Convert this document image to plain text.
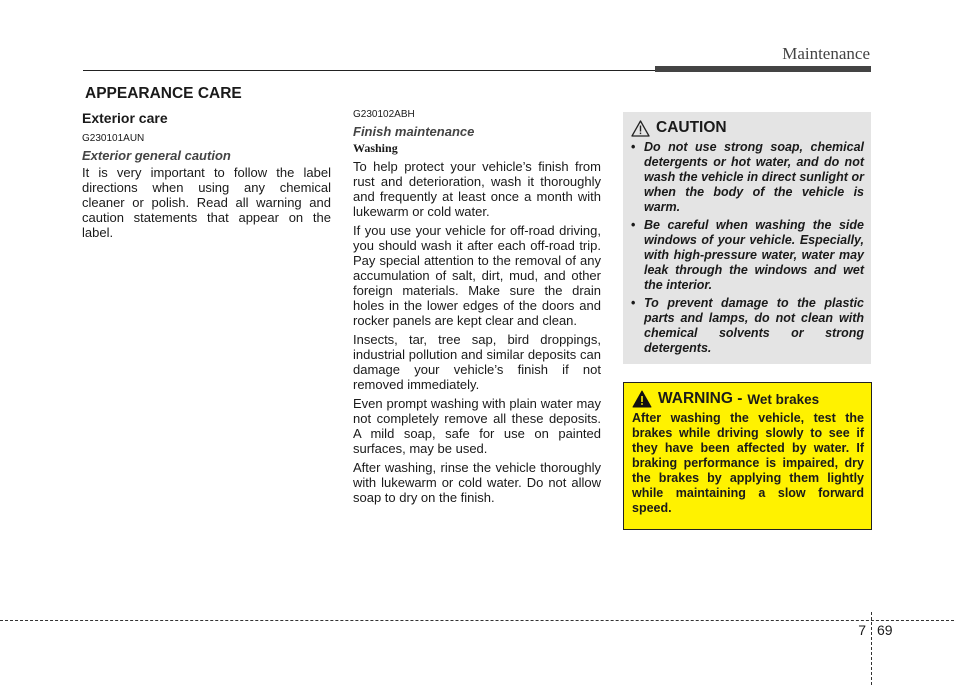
Maintenance
APPEARANCE CARE
Exterior care
G230101AUN
Exterior general caution

It is very important to follow the label directions when using any chemical cleaner or polish. Read all warning and caution statements that appear on the label.

G230102ABH
Finish maintenance
Washing

To help protect your vehicle’s finish from rust and deterioration, wash it thoroughly and frequently at least once a month with lukewarm or cold water.

If you use your vehicle for off-road driving, you should wash it after each off-road trip. Pay special attention to the removal of any accumulation of salt, dirt, mud, and other foreign materials. Make sure the drain holes in the lower edges of the doors and rocker panels are kept clear and clean.

Insects, tar, tree sap, bird droppings, industrial pollution and similar deposits can damage your vehicle’s finish if not removed immediately.

Even prompt washing with plain water may not completely remove all these deposits. A mild soap, safe for use on painted surfaces, may be used.

After washing, rinse the vehicle thoroughly with lukewarm or cold water. Do not allow soap to dry on the finish.

CAUTION
• Do not use strong soap, chemical detergents or hot water, and do not wash the vehicle in direct sunlight or when the body of the vehicle is warm.
• Be careful when washing the side windows of your vehicle. Especially, with high-pressure water, water may leak through the windows and wet the interior.
• To prevent damage to the plastic parts and lamps, do not clean with chemical solvents or strong detergents.
WARNING - Wet brakes

After washing the vehicle, test the brakes while driving slowly to see if they have been affected by water. If braking performance is impaired, dry the brakes by applying them lightly while maintaining a slow forward speed.

7 69
